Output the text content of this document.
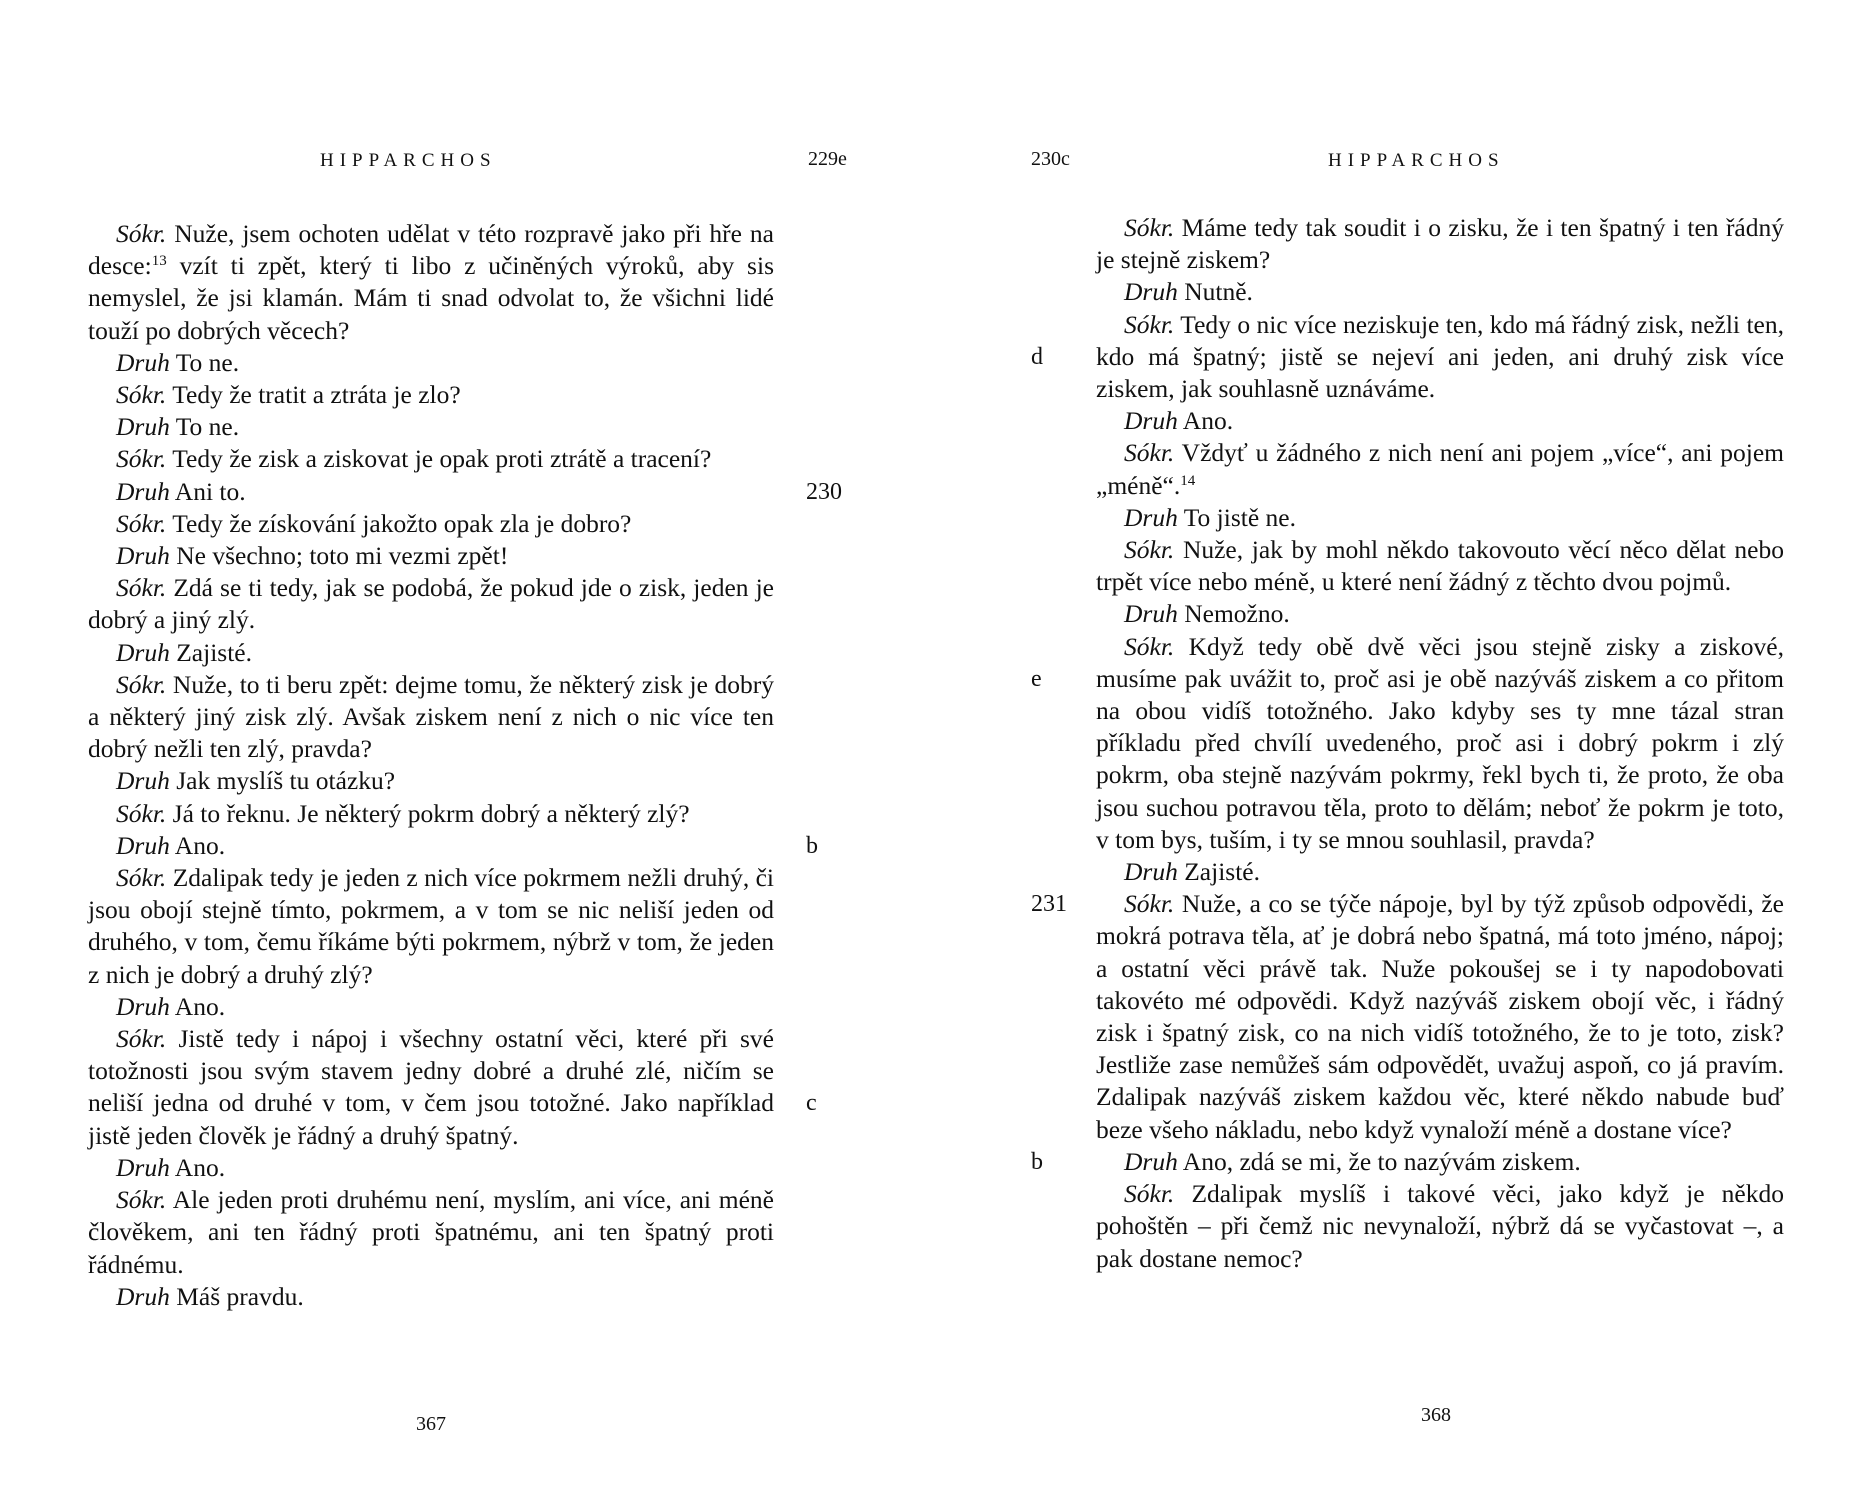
HIPPARCHOS	229e

Sókr. Nuže, jsem ochoten udělat v této rozpravě jako při hře na desce:$^{13}$ vzít ti zpět, který ti libo z učiněných výroků, aby sis nemyslel, že jsi klamán. Mám ti snad odvolat to, že všichni lidé touží po dobrých věcech?

Druh To ne.

Sókr. Tedy že tratit a ztráta je zlo?

Druh To ne.

Sókr. Tedy že zisk a ziskovat je opak proti ztrátě a tracení?

Druh Ani to.

Sókr. Tedy že získování jakožto opak zla je dobro?

Druh Ne všechno; toto mi vezmi zpět!

Sókr. Zdá se ti tedy, jak se podobá, že pokud jde o zisk, jeden je dobrý a jiný zlý.

Druh Zajisté.

Sókr. Nuže, to ti beru zpět: dejme tomu, že některý zisk je dobrý a některý jiný zisk zlý. Avšak ziskem není z nich o nic více ten dobrý nežli ten zlý, pravda?

Druh Jak myslíš tu otázku?

Sókr. Já to řeknu. Je některý pokrm dobrý a některý zlý?

Druh Ano.

Sókr. Zdalipak tedy je jeden z nich více pokrmem nežli druhý, či jsou obojí stejně tímto, pokrmem, a v tom se nic neliší jeden od druhého, v tom, čemu říkáme býti pokrmem, nýbrž v tom, že jeden z nich je dobrý a druhý zlý?

Druh Ano.

Sókr. Jistě tedy i nápoj i všechny ostatní věci, které při své totožnosti jsou svým stavem jedny dobré a druhé zlé, ničím se neliší jedna od druhé v tom, v čem jsou totožné. Jako například jistě jeden člověk je řádný a druhý špatný.

Druh Ano.

Sókr. Ale jeden proti druhému není, myslím, ani více, ani méně člověkem, ani ten řádný proti špatnému, ani ten špatný proti řádnému.

Druh Máš pravdu.

367
230
b
c
HIPPARCHOS
230c

Sókr. Máme tedy tak soudit i o zisku, že i ten špatný i ten řádný je stejně ziskem?

Druh Nutně.

Sókr. Tedy o nic více neziskuje ten, kdo má řádný zisk, nežli ten, kdo má špatný; jistě se nejeví ani jeden, ani druhý zisk více ziskem, jak souhlasně uznáváme.

Druh Ano.

Sókr. Vždyť u žádného z nich není ani pojem „více“, ani pojem „méně“.$^{14}$

Druh To jistě ne.

Sókr. Nuže, jak by mohl někdo takovouto věcí něco dělat nebo trpět více nebo méně, u které není žádný z těchto dvou pojmů.

Druh Nemožno.

Sókr. Když tedy obě dvě věci jsou stejně zisky a ziskové, musíme pak uvážit to, proč asi je obě nazýváš ziskem a co přitom na obou vidíš totožného. Jako kdyby ses ty mne tázal stran příkladu před chvílí uvedeného, proč asi i dobrý pokrm i zlý pokrm, oba stejně nazývám pokrmy, řekl bych ti, že proto, že oba jsou suchou potravou těla, proto to dělám; neboť že pokrm je toto, v tom bys, tuším, i ty se mnou souhlasil, pravda?

Druh Zajisté.

Sókr. Nuže, a co se týče nápoje, byl by týž způsob odpovědi, že mokrá potrava těla, ať je dobrá nebo špatná, má toto jméno, nápoj; a ostatní věci právě tak. Nuže pokoušej se i ty napodobovati takovéto mé odpovědi. Když nazýváš ziskem obojí věc, i řádný zisk i špatný zisk, co na nich vidíš totožného, že to je toto, zisk? Jestliže zase nemůžeš sám odpovědět, uvažuj aspoň, co já pravím. Zdalipak nazýváš ziskem každou věc, které někdo nabude buď beze všeho nákladu, nebo když vynaloží méně a dostane více?

Druh Ano, zdá se mi, že to nazývám ziskem.

Sókr. Zdalipak myslíš i takové věci, jako když je někdo pohoštěn – při čemž nic nevynaloží, nýbrž dá se vyčastovat –, a pak dostane nemoc?

368
d
e
231
b
